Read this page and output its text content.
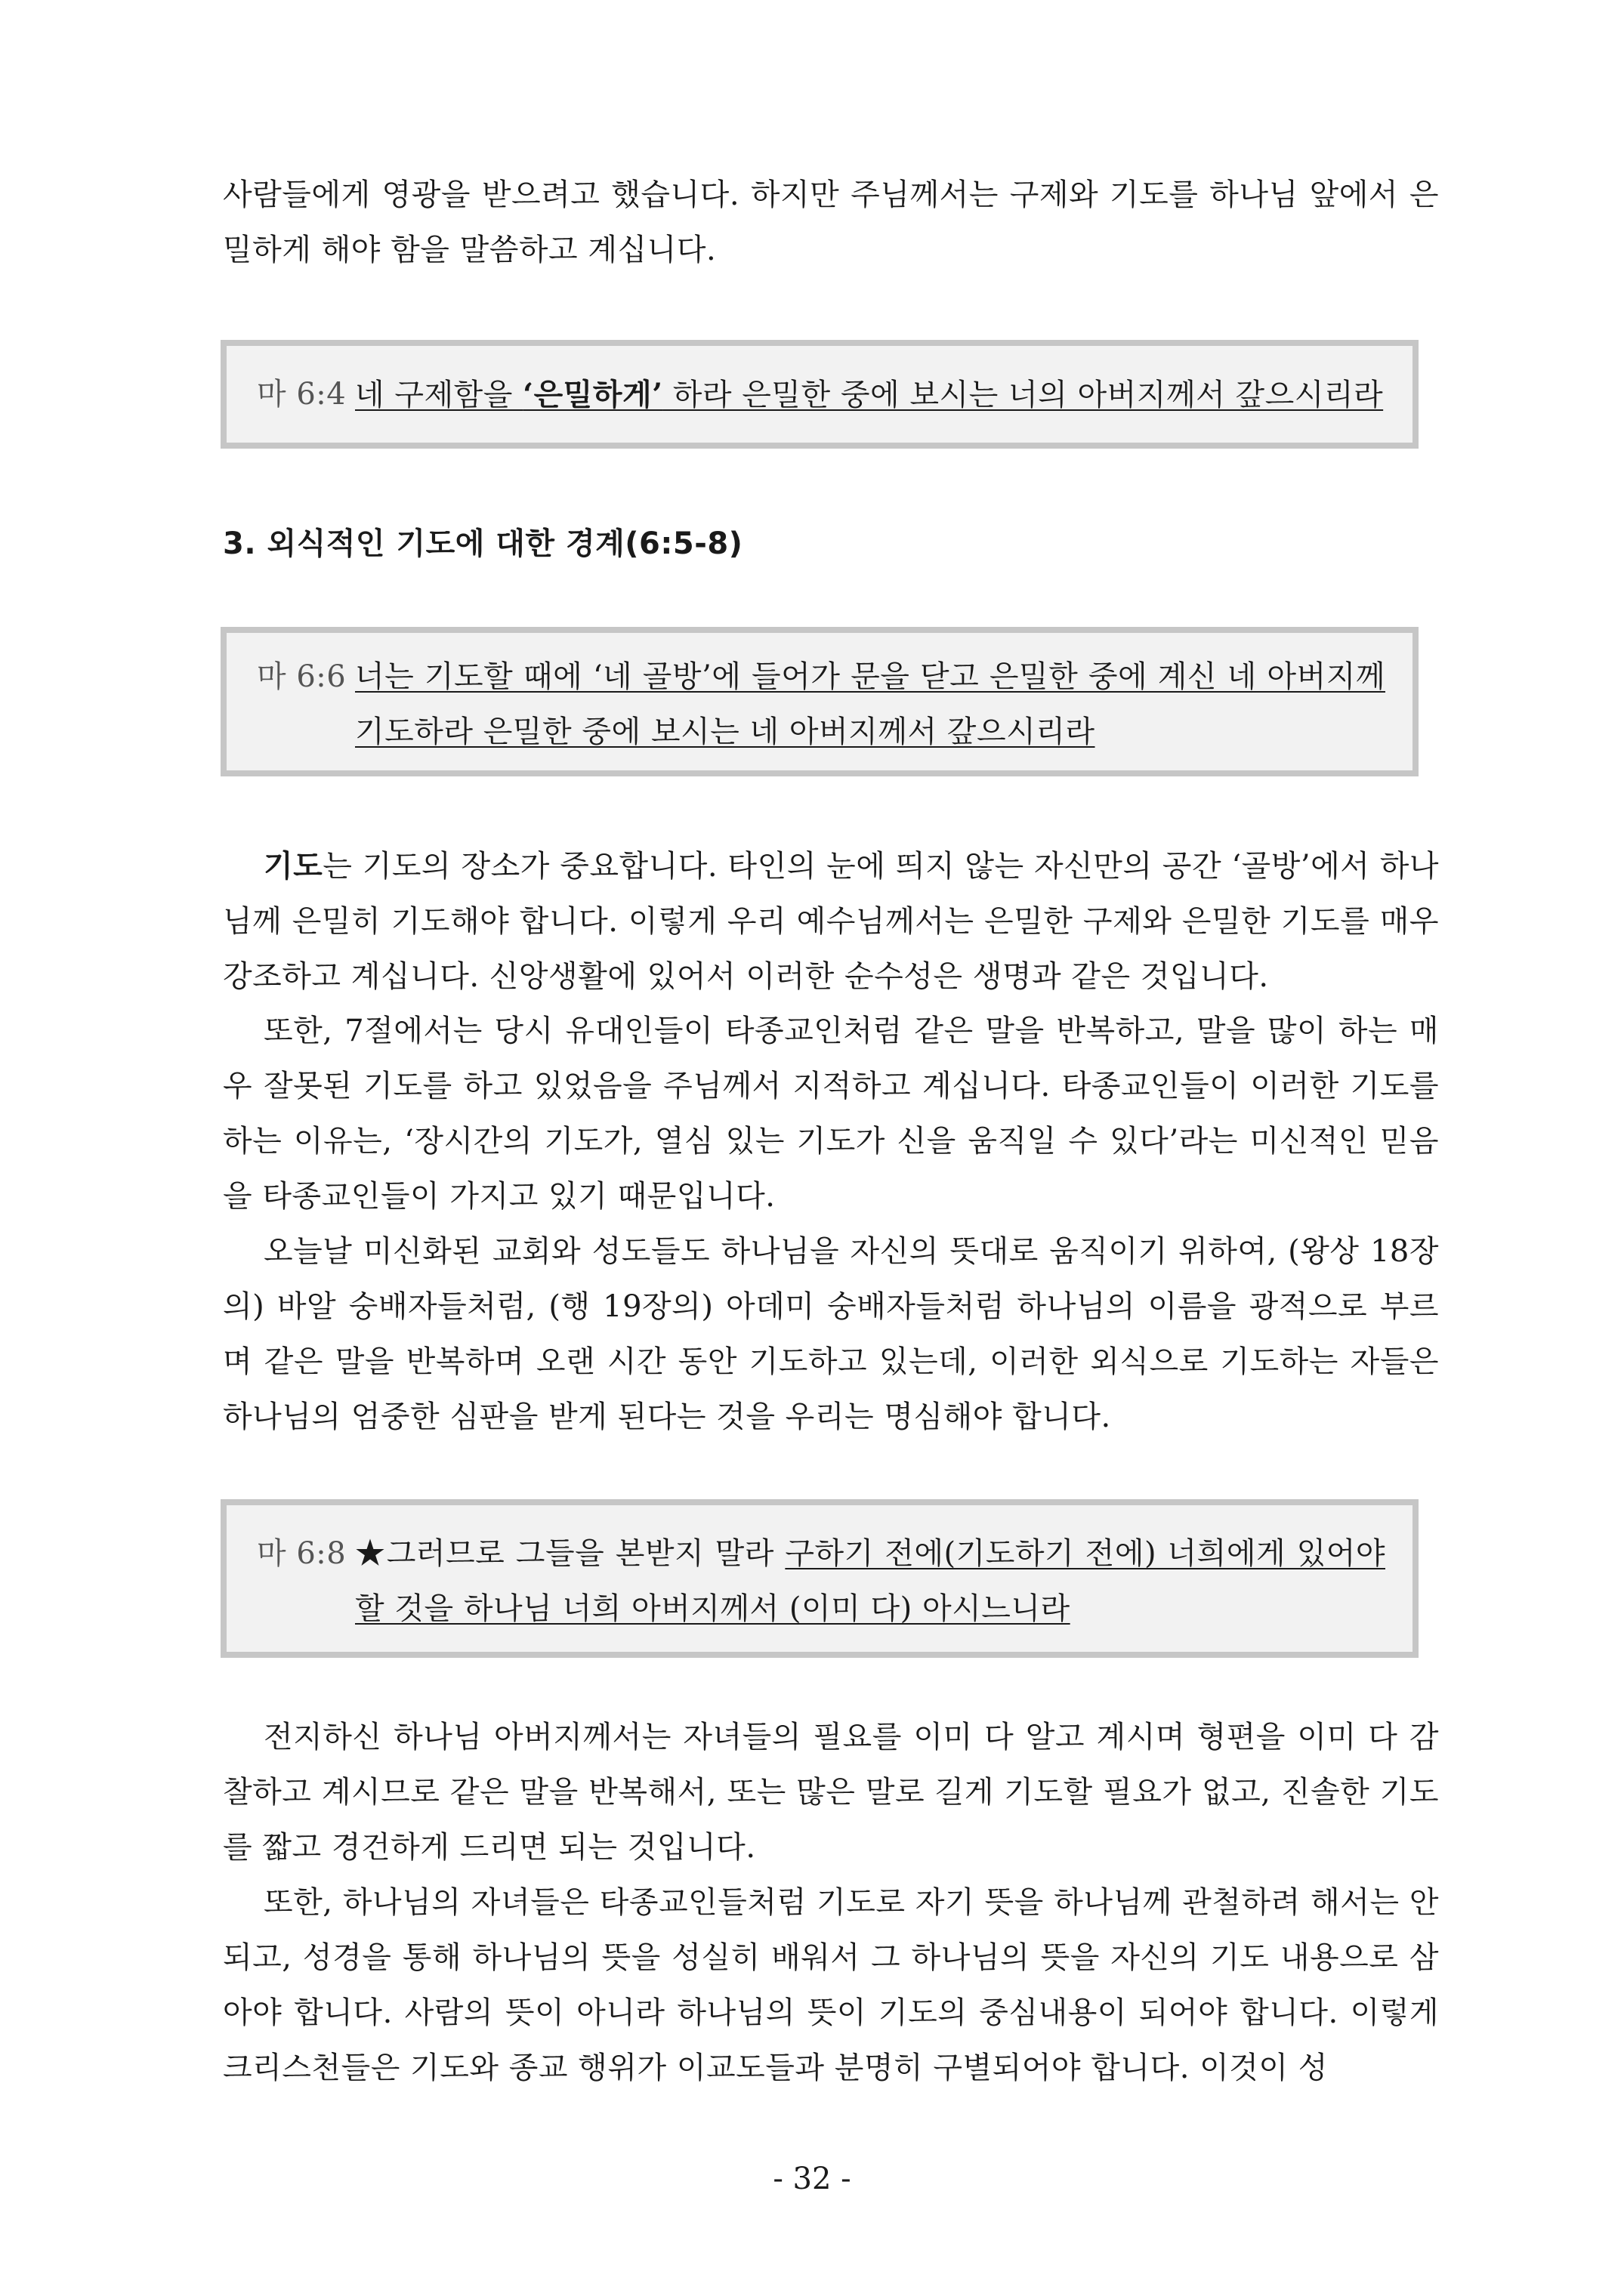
사람들에게 영광을 받으려고 했습니다. 하지만 주님께서는 구제와 기도를 하나님 앞에서 은밀하게 해야 함을 말씀하고 계십니다.

마 6:4 네 구제함을 ‘은밀하게’ 하라 은밀한 중에 보시는 너의 아버지께서 갚으시리라
3. 외식적인 기도에 대한 경계(6:5-8)
마 6:6 너는 기도할 때에 ‘네 골방’에 들어가 문을 닫고 은밀한 중에 계신 네 아버지께 기도하라 은밀한 중에 보시는 네 아버지께서 갚으시리라

기도는 기도의 장소가 중요합니다. 타인의 눈에 띄지 않는 자신만의 공간 ‘골방’에서 하나님께 은밀히 기도해야 합니다. 이렇게 우리 예수님께서는 은밀한 구제와 은밀한 기도를 매우 강조하고 계십니다. 신앙생활에 있어서 이러한 순수성은 생명과 같은 것입니다.

또한, 7절에서는 당시 유대인들이 타종교인처럼 같은 말을 반복하고, 말을 많이 하는 매우 잘못된 기도를 하고 있었음을 주님께서 지적하고 계십니다. 타종교인들이 이러한 기도를 하는 이유는, ‘장시간의 기도가, 열심 있는 기도가 신을 움직일 수 있다’라는 미신적인 믿음을 타종교인들이 가지고 있기 때문입니다.

오늘날 미신화된 교회와 성도들도 하나님을 자신의 뜻대로 움직이기 위하여, (왕상 18장의) 바알 숭배자들처럼, (행 19장의) 아데미 숭배자들처럼 하나님의 이름을 광적으로 부르며 같은 말을 반복하며 오랜 시간 동안 기도하고 있는데, 이러한 외식으로 기도하는 자들은 하나님의 엄중한 심판을 받게 된다는 것을 우리는 명심해야 합니다.

마 6:8 ★그러므로 그들을 본받지 말라 구하기 전에(기도하기 전에) 너희에게 있어야 할 것을 하나님 너희 아버지께서 (이미 다) 아시느니라

전지하신 하나님 아버지께서는 자녀들의 필요를 이미 다 알고 계시며 형편을 이미 다 감찰하고 계시므로 같은 말을 반복해서, 또는 많은 말로 길게 기도할 필요가 없고, 진솔한 기도를 짧고 경건하게 드리면 되는 것입니다.

또한, 하나님의 자녀들은 타종교인들처럼 기도로 자기 뜻을 하나님께 관철하려 해서는 안 되고, 성경을 통해 하나님의 뜻을 성실히 배워서 그 하나님의 뜻을 자신의 기도 내용으로 삼아야 합니다. 사람의 뜻이 아니라 하나님의 뜻이 기도의 중심내용이 되어야 합니다. 이렇게 크리스천들은 기도와 종교 행위가 이교도들과 분명히 구별되어야 합니다. 이것이 성

- 32 -
